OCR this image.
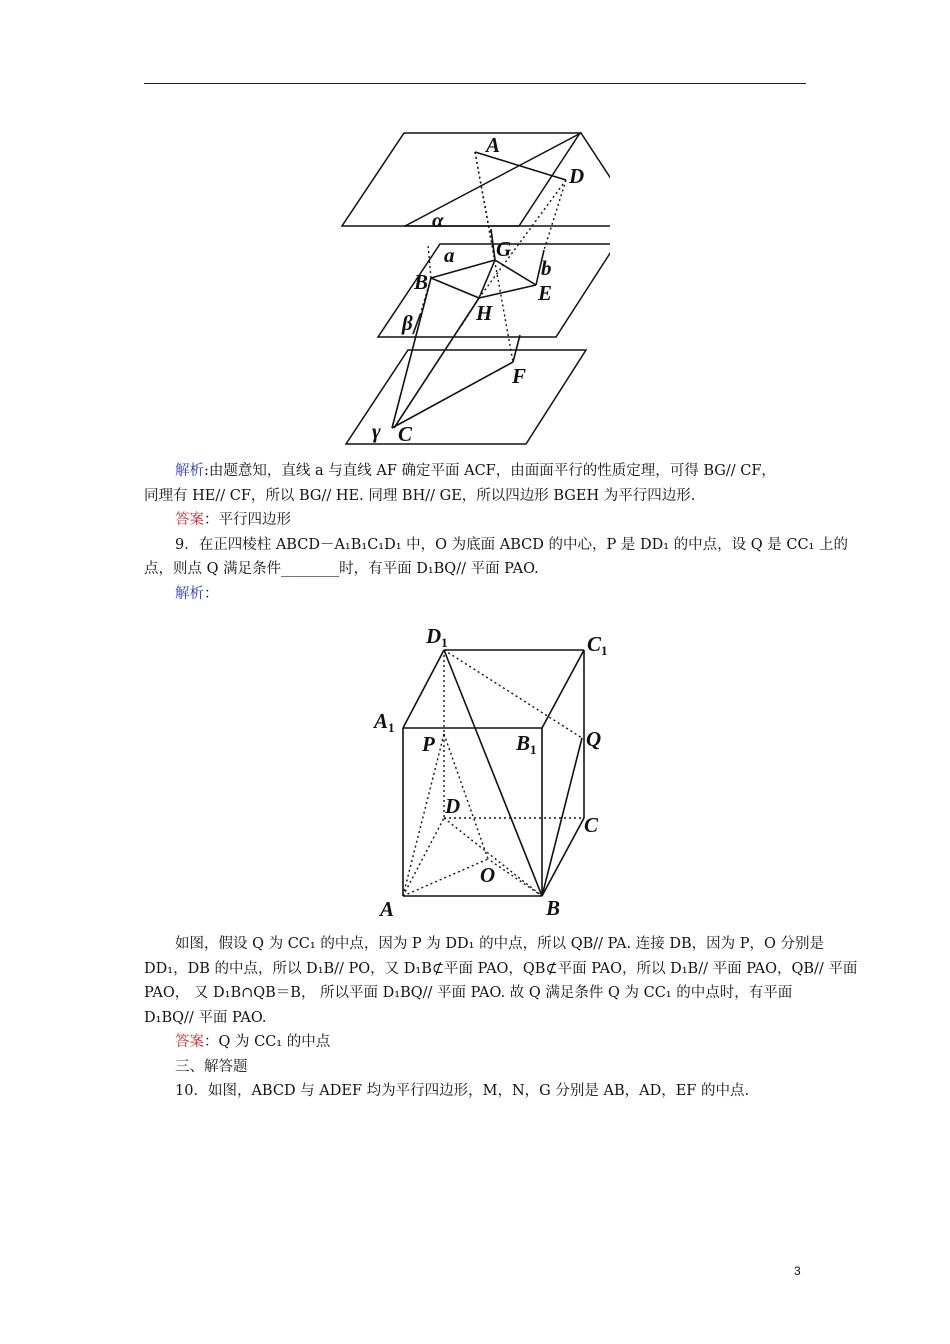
A
D
α
a G
b
B	E
H
β
F
γ C
解析:由题意知，直线 a 与直线 AF 确定平面 ACF，由面面平行的性质定理，可得 BG// CF，
同理有 HE// CF，所以 BG// HE. 同理 BH// GE，所以四边形 BGEH 为平行四边形.
答案：平行四边形
9．在正四棱柱 ABCD－A₁B₁C₁D₁ 中，O 为底面 ABCD 的中心，P 是 DD₁ 的中点，设 Q 是 CC₁ 上的
点，则点 Q 满足条件________时，有平面 D₁BQ// 平面 PAO.
解析：
D1	C1
A1
B1
P	Q
D
C
O
A	B
如图，假设 Q 为 CC₁ 的中点，因为 P 为 DD₁ 的中点，所以 QB// PA. 连接 DB，因为 P，O 分别是
DD₁，DB 的中点，所以 D₁B// PO，又 D₁B⊄平面 PAO，QB⊄平面 PAO，所以 D₁B// 平面 PAO，QB// 平面
PAO， 又 D₁B∩QB＝B， 所以平面 D₁BQ// 平面 PAO. 故 Q 满足条件 Q 为 CC₁ 的中点时，有平面
D₁BQ// 平面 PAO.
答案：Q 为 CC₁ 的中点
三、解答题
10．如图，ABCD 与 ADEF 均为平行四边形，M，N，G 分别是 AB，AD，EF 的中点.
3
